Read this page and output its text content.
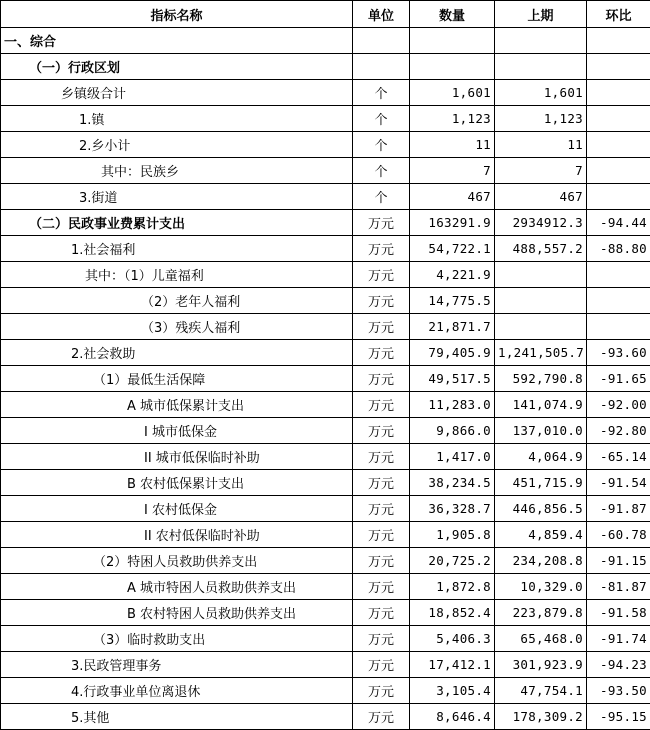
指标名称	单位	数量	上期	环比
一、综合				
（一）行政区划				
乡镇级合计	个	1,601	1,601	
1.镇	个	1,123	1,123	
2.乡小计	个	11	11	
其中：民族乡	个	7	7	
3.街道	个	467	467	
（二）民政事业费累计支出	万元	163291.9	2934912.3	-94.44
1.社会福利	万元	54,722.1	488,557.2	-88.80
其中：（1）儿童福利	万元	4,221.9		
（2）老年人福利	万元	14,775.5		
（3）残疾人福利	万元	21,871.7		
2.社会救助	万元	79,405.9	1,241,505.7	-93.60
（1）最低生活保障	万元	49,517.5	592,790.8	-91.65
A 城市低保累计支出	万元	11,283.0	141,074.9	-92.00
I 城市低保金	万元	9,866.0	137,010.0	-92.80
II 城市低保临时补助	万元	1,417.0	4,064.9	-65.14
B 农村低保累计支出	万元	38,234.5	451,715.9	-91.54
I 农村低保金	万元	36,328.7	446,856.5	-91.87
II 农村低保临时补助	万元	1,905.8	4,859.4	-60.78
（2）特困人员救助供养支出	万元	20,725.2	234,208.8	-91.15
A 城市特困人员救助供养支出	万元	1,872.8	10,329.0	-81.87
B 农村特困人员救助供养支出	万元	18,852.4	223,879.8	-91.58
（3）临时救助支出	万元	5,406.3	65,468.0	-91.74
3.民政管理事务	万元	17,412.1	301,923.9	-94.23
4.行政事业单位离退休	万元	3,105.4	47,754.1	-93.50
5.其他	万元	8,646.4	178,309.2	-95.15
